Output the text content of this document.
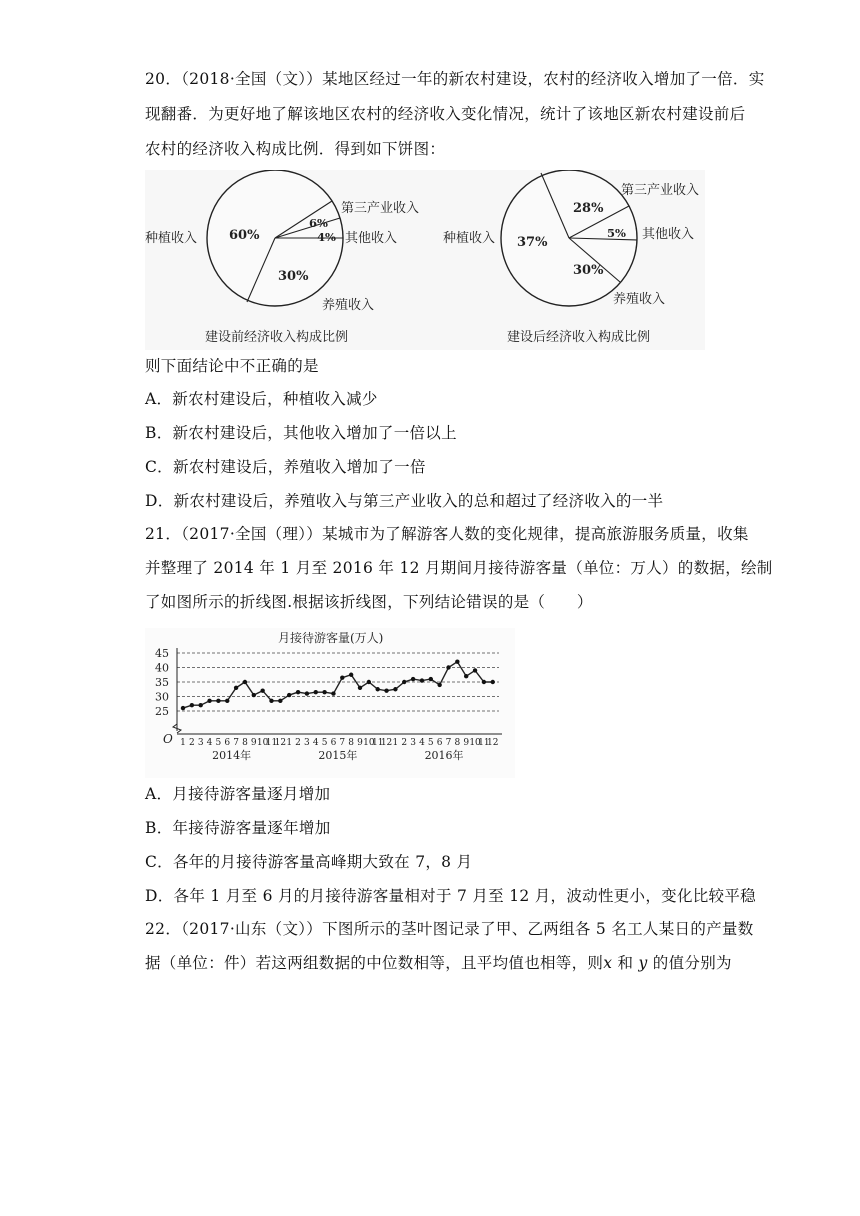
20．（2018·全国（文））某地区经过一年的新农村建设，农村的经济收入增加了一倍．实
现翻番．为更好地了解该地区农村的经济收入变化情况，统计了该地区新农村建设前后
农村的经济收入构成比例．得到如下饼图：
60%
6%
4%
30%
种植收入
第三产业收入
其他收入
养殖收入
建设前经济收入构成比例
37%
28%
5%
30%
种植收入
第三产业收入
其他收入
养殖收入
建设后经济收入构成比例
则下面结论中不正确的是
A．新农村建设后，种植收入减少
B．新农村建设后，其他收入增加了一倍以上
C．新农村建设后，养殖收入增加了一倍
D．新农村建设后，养殖收入与第三产业收入的总和超过了经济收入的一半
21．（2017·全国（理））某城市为了解游客人数的变化规律，提高旅游服务质量，收集
并整理了 2014 年 1 月至 2016 年 12 月期间月接待游客量（单位：万人）的数据，绘制
了如图所示的折线图.根据该折线图，下列结论错误的是（　　）
月接待游客量(万人)
O
25
30
35
40
45
1 2 3 4 5 6 7 8 9 10
11
12 1 2 3 4 5 6 7 8 9 10
11
12 1 2 3 4 5 6 7 8 9 10
11
12
2014年	2015年	2016年
A．月接待游客量逐月增加
B．年接待游客量逐年增加
C．各年的月接待游客量高峰期大致在 7，8 月
D．各年 1 月至 6 月的月接待游客量相对于 7 月至 12 月，波动性更小，变化比较平稳
22．（2017·山东（文））下图所示的茎叶图记录了甲、乙两组各 5 名工人某日的产量数
据（单位：件）若这两组数据的中位数相等，且平均值也相等，则x 和 y 的值分别为
